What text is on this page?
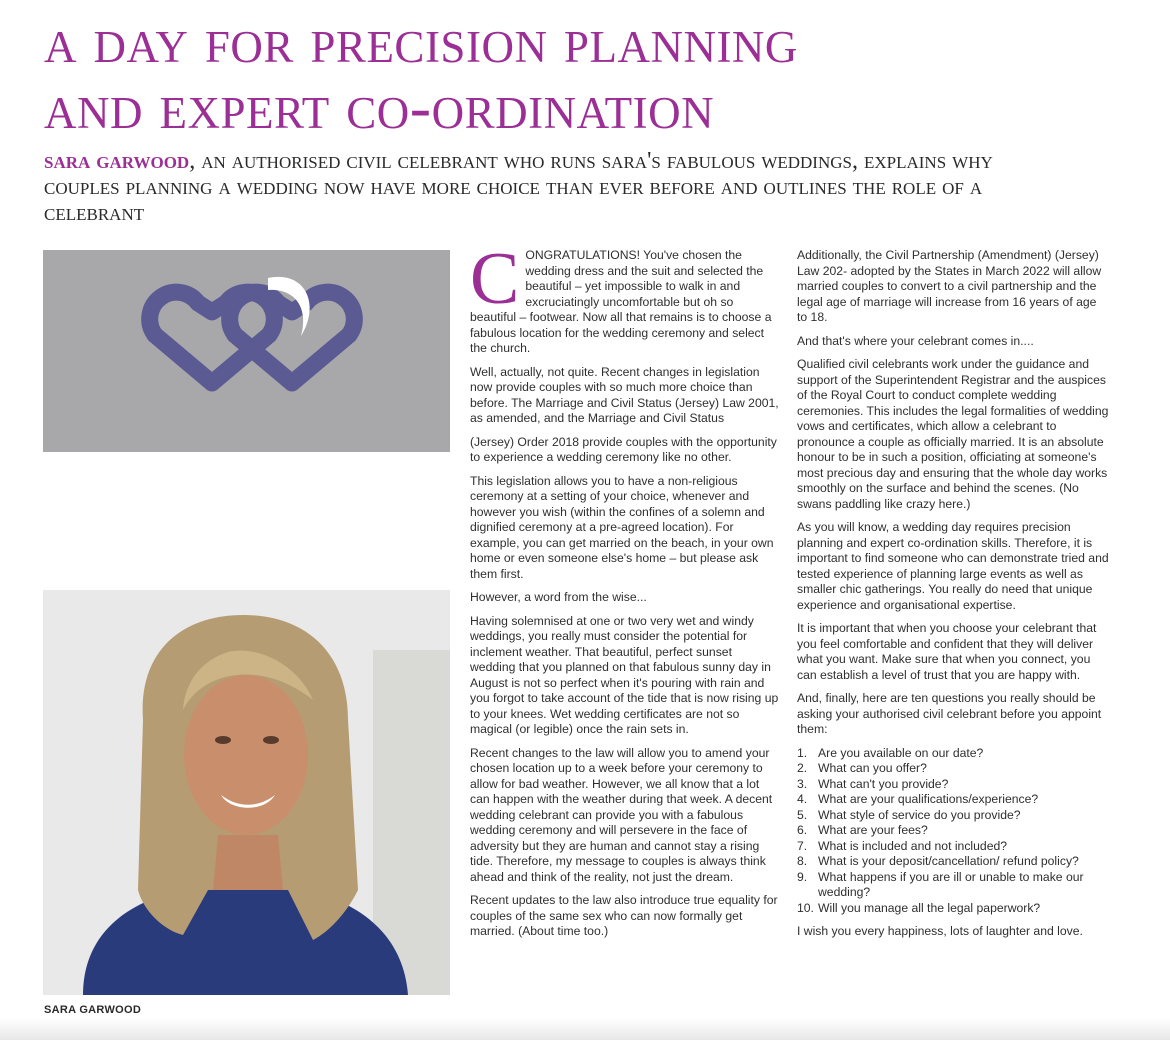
a day for precision planning
and expert co-ordination

sara garwood, an authorised civil celebrant who runs sara's fabulous weddings, explains why couples planning a wedding now have more choice than ever before and outlines the role of a celebrant

SARA GARWOOD

CONGRATULATIONS! You've chosen the wedding dress and the suit and selected the beautiful – yet impossible to walk in and excruciatingly uncomfortable but oh so beautiful – footwear. Now all that remains is to choose a fabulous location for the wedding ceremony and select the church.

Well, actually, not quite. Recent changes in legislation now provide couples with so much more choice than before. The Marriage and Civil Status (Jersey) Law 2001, as amended, and the Marriage and Civil Status

(Jersey) Order 2018 provide couples with the opportunity to experience a wedding ceremony like no other.

This legislation allows you to have a non-religious ceremony at a setting of your choice, whenever and however you wish (within the confines of a solemn and dignified ceremony at a pre-agreed location). For example, you can get married on the beach, in your own home or even someone else's home – but please ask them first.

However, a word from the wise...

Having solemnised at one or two very wet and windy weddings, you really must consider the potential for inclement weather. That beautiful, perfect sunset wedding that you planned on that fabulous sunny day in August is not so perfect when it's pouring with rain and you forgot to take account of the tide that is now rising up to your knees. Wet wedding certificates are not so magical (or legible) once the rain sets in.

Recent changes to the law will allow you to amend your chosen location up to a week before your ceremony to allow for bad weather. However, we all know that a lot can happen with the weather during that week. A decent wedding celebrant can provide you with a fabulous wedding ceremony and will persevere in the face of adversity but they are human and cannot stay a rising tide. Therefore, my message to couples is always think ahead and think of the reality, not just the dream.

Recent updates to the law also introduce true equality for couples of the same sex who can now formally get married. (About time too.)

Additionally, the Civil Partnership (Amendment) (Jersey) Law 202- adopted by the States in March 2022 will allow married couples to convert to a civil partnership and the legal age of marriage will increase from 16 years of age to 18.

And that's where your celebrant comes in....

Qualified civil celebrants work under the guidance and support of the Superintendent Registrar and the auspices of the Royal Court to conduct complete wedding ceremonies. This includes the legal formalities of wedding vows and certificates, which allow a celebrant to pronounce a couple as officially married. It is an absolute honour to be in such a position, officiating at someone's most precious day and ensuring that the whole day works smoothly on the surface and behind the scenes. (No swans paddling like crazy here.)

As you will know, a wedding day requires precision planning and expert co-ordination skills. Therefore, it is important to find someone who can demonstrate tried and tested experience of planning large events as well as smaller chic gatherings. You really do need that unique experience and organisational expertise.

It is important that when you choose your celebrant that you feel comfortable and confident that they will deliver what you want. Make sure that when you connect, you can establish a level of trust that you are happy with.

And, finally, here are ten questions you really should be asking your authorised civil celebrant before you appoint them:

1. Are you available on our date?
2. What can you offer?
3. What can't you provide?
4. What are your qualifications/experience?
5. What style of service do you provide?
6. What are your fees?
7. What is included and not included?
8. What is your deposit/cancellation/ refund policy?
9. What happens if you are ill or unable to make our wedding?
10. Will you manage all the legal paperwork?

I wish you every happiness, lots of laughter and love.
